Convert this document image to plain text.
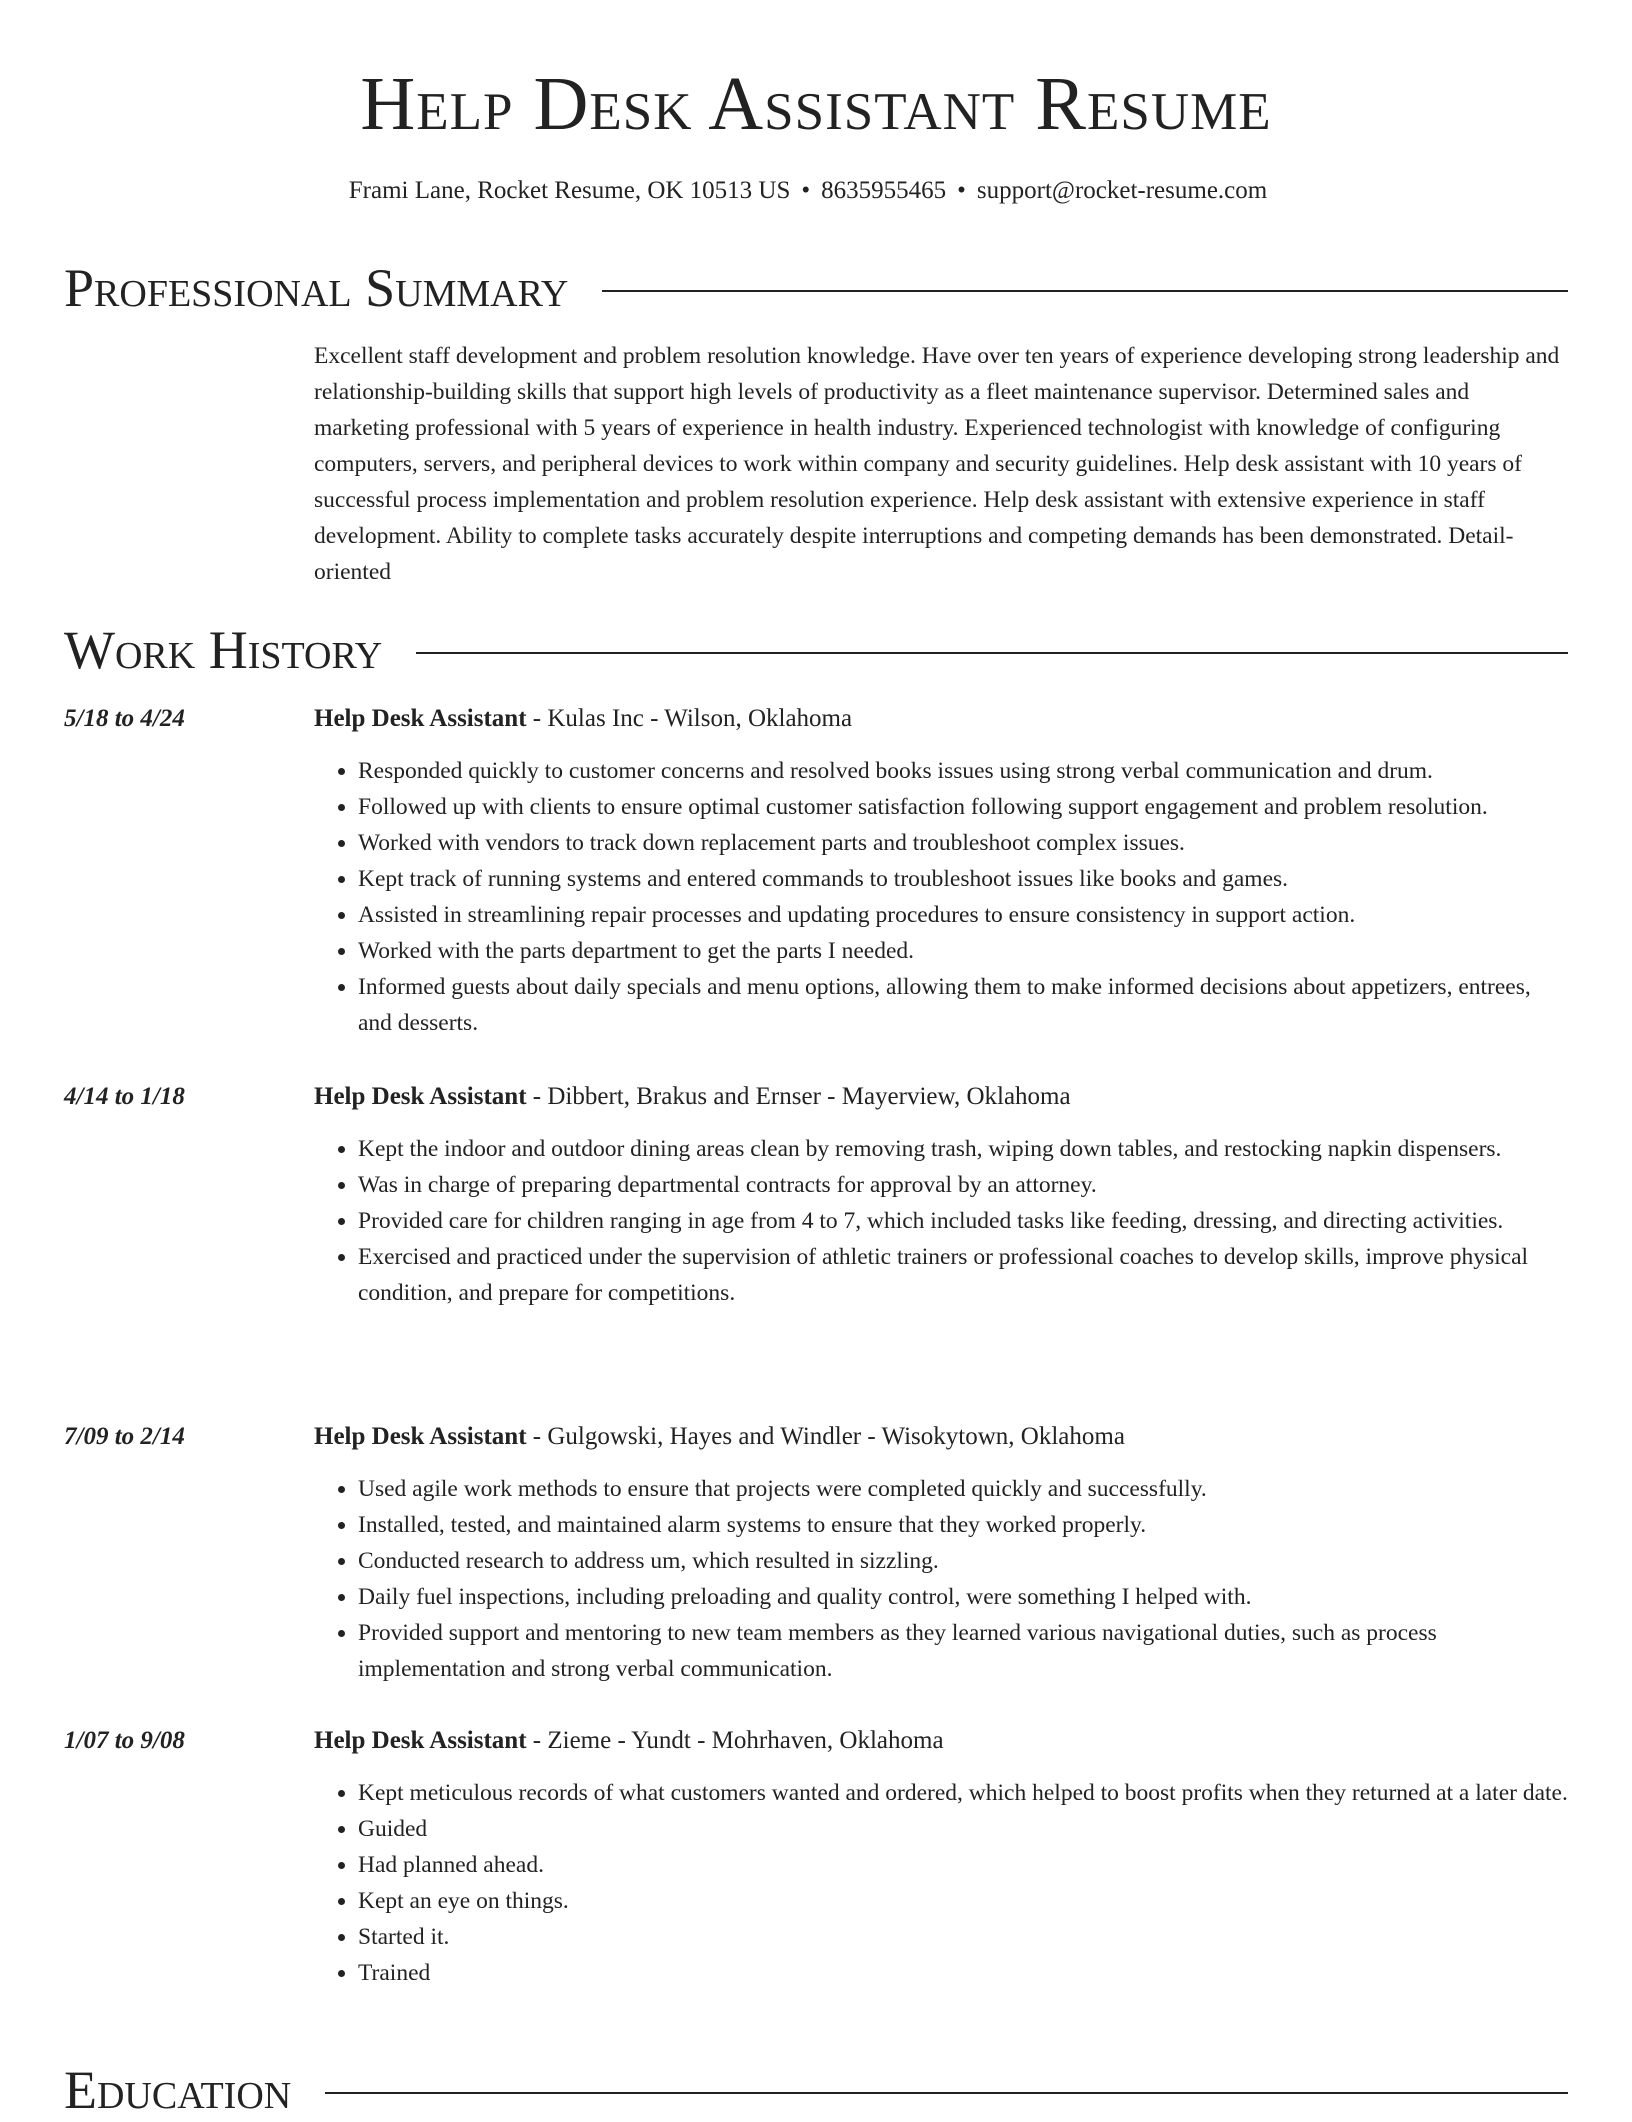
Help Desk Assistant Resume
Frami Lane, Rocket Resume, OK 10513 US • 8635955465 • support@rocket-resume.com
Professional Summary
Excellent staff development and problem resolution knowledge. Have over ten years of experience developing strong leadership and relationship-building skills that support high levels of productivity as a fleet maintenance supervisor. Determined sales and marketing professional with 5 years of experience in health industry. Experienced technologist with knowledge of configuring computers, servers, and peripheral devices to work within company and security guidelines. Help desk assistant with 10 years of successful process implementation and problem resolution experience. Help desk assistant with extensive experience in staff development. Ability to complete tasks accurately despite interruptions and competing demands has been demonstrated. Detail-oriented
Work History
5/18 to 4/24	Help Desk Assistant - Kulas Inc - Wilson, Oklahoma
• Responded quickly to customer concerns and resolved books issues using strong verbal communication and drum.
• Followed up with clients to ensure optimal customer satisfaction following support engagement and problem resolution.
• Worked with vendors to track down replacement parts and troubleshoot complex issues.
• Kept track of running systems and entered commands to troubleshoot issues like books and games.
• Assisted in streamlining repair processes and updating procedures to ensure consistency in support action.
• Worked with the parts department to get the parts I needed.
• Informed guests about daily specials and menu options, allowing them to make informed decisions about appetizers, entrees, and desserts.
4/14 to 1/18	Help Desk Assistant - Dibbert, Brakus and Ernser - Mayerview, Oklahoma
• Kept the indoor and outdoor dining areas clean by removing trash, wiping down tables, and restocking napkin dispensers.
• Was in charge of preparing departmental contracts for approval by an attorney.
• Provided care for children ranging in age from 4 to 7, which included tasks like feeding, dressing, and directing activities.
• Exercised and practiced under the supervision of athletic trainers or professional coaches to develop skills, improve physical condition, and prepare for competitions.
7/09 to 2/14	Help Desk Assistant - Gulgowski, Hayes and Windler - Wisokytown, Oklahoma
• Used agile work methods to ensure that projects were completed quickly and successfully.
• Installed, tested, and maintained alarm systems to ensure that they worked properly.
• Conducted research to address um, which resulted in sizzling.
• Daily fuel inspections, including preloading and quality control, were something I helped with.
• Provided support and mentoring to new team members as they learned various navigational duties, such as process implementation and strong verbal communication.
1/07 to 9/08	Help Desk Assistant - Zieme - Yundt - Mohrhaven, Oklahoma
• Kept meticulous records of what customers wanted and ordered, which helped to boost profits when they returned at a later date.
• Guided
• Had planned ahead.
• Kept an eye on things.
• Started it.
• Trained
Education
